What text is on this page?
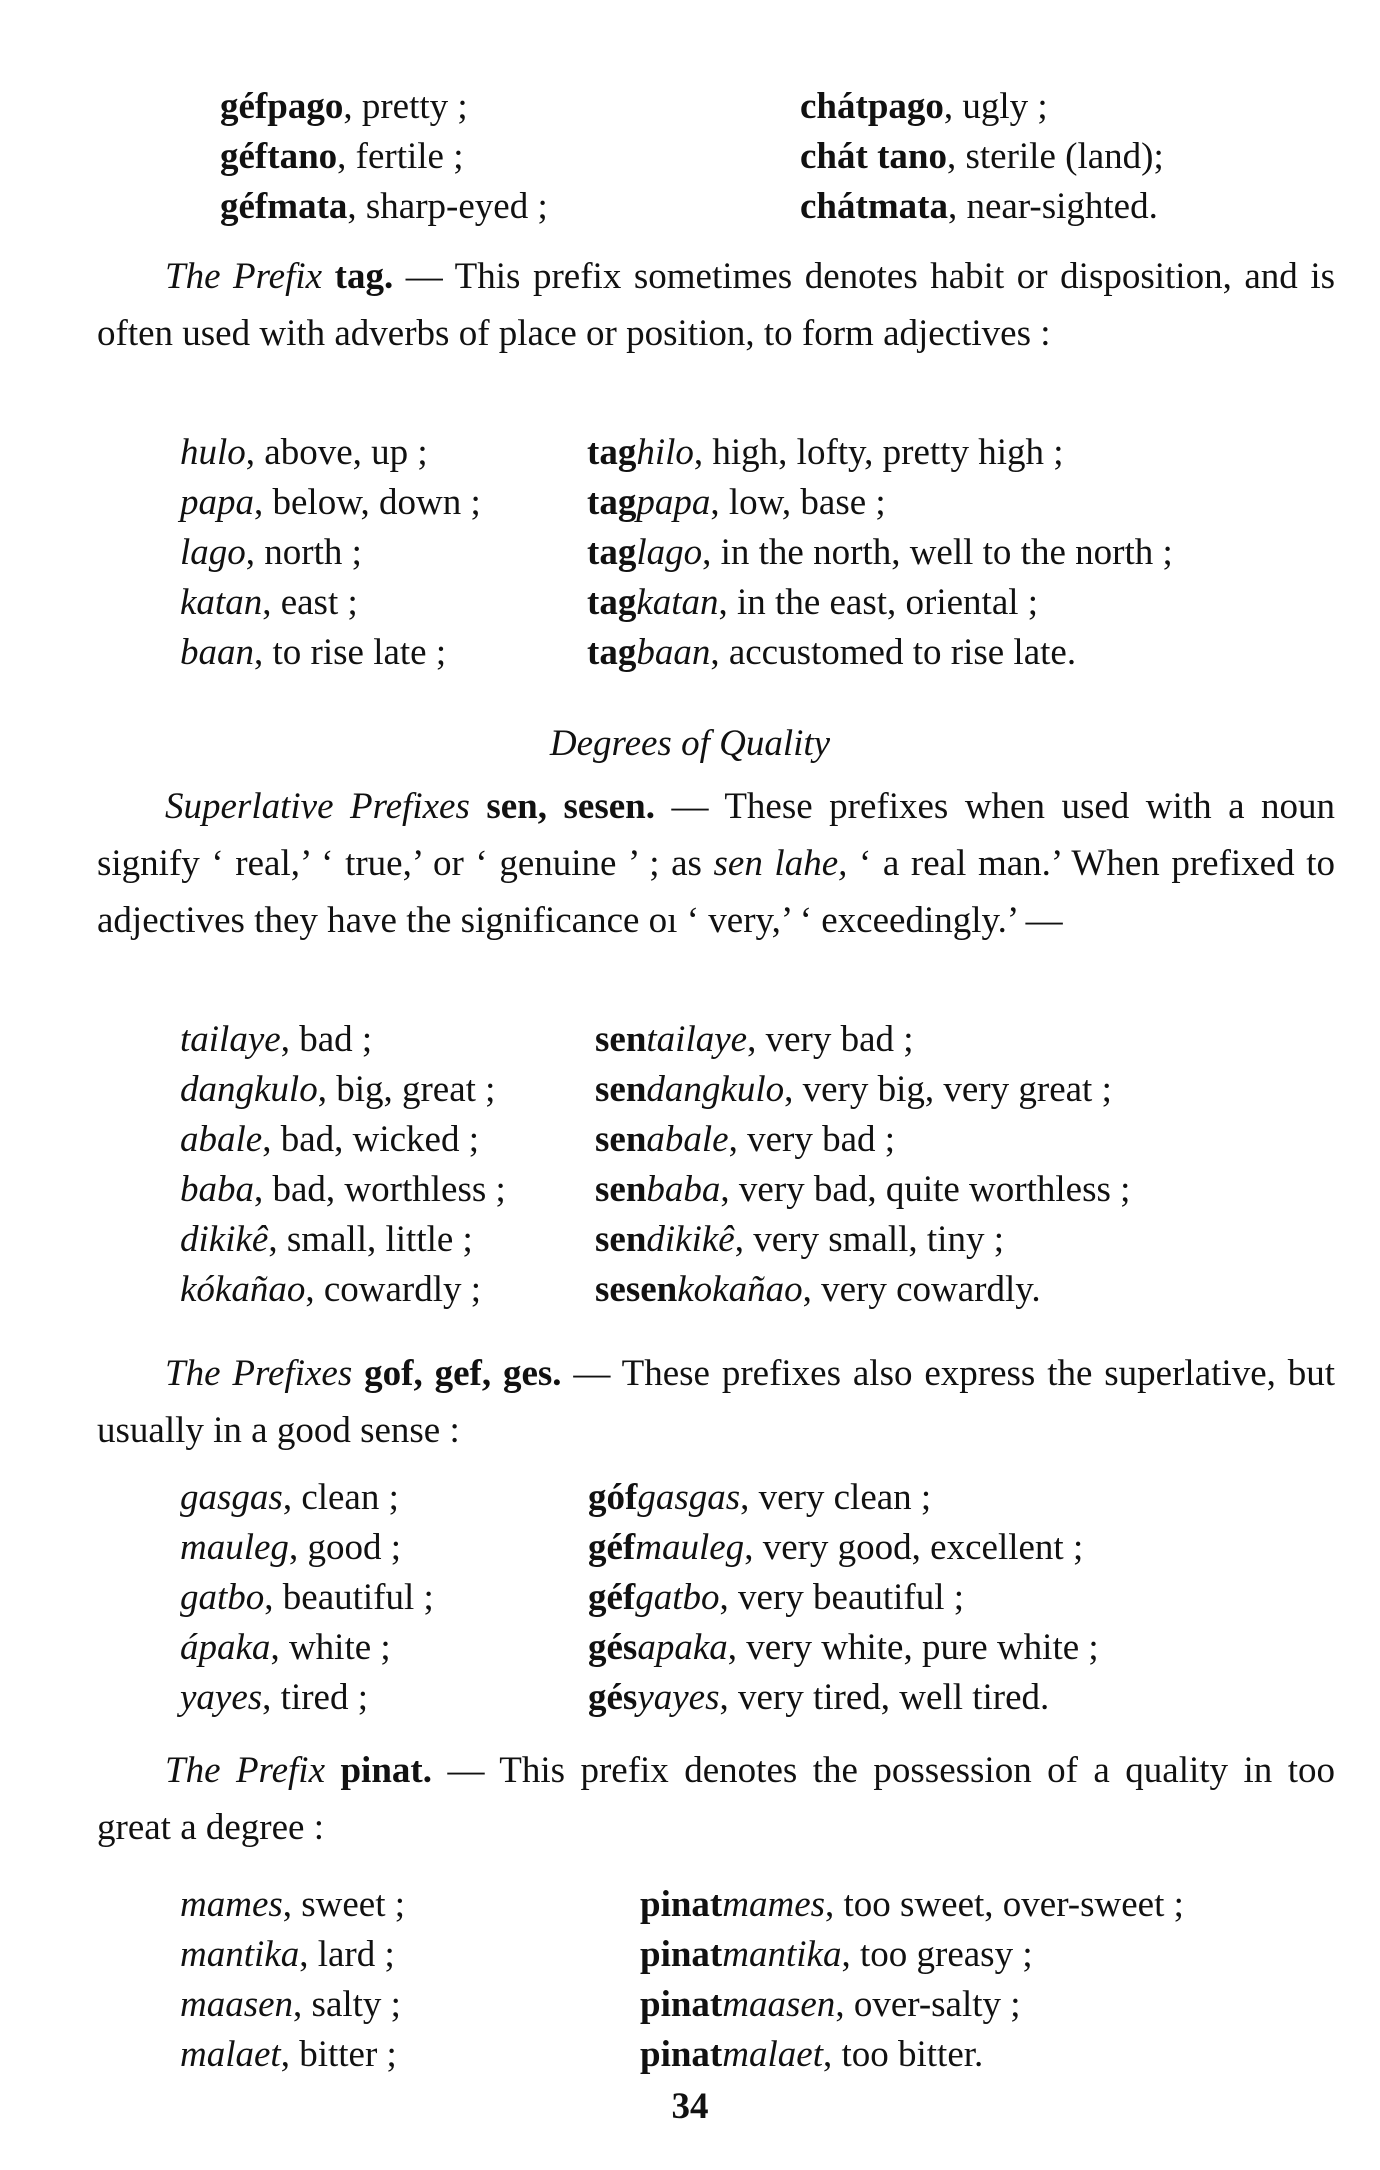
géfpago, pretty ;	chátpago, ugly ;
géftano, fertile ;	chát tano, sterile (land);
géfmata, sharp-eyed ;	chátmata, near-sighted.
The Prefix tag. — This prefix sometimes denotes habit or disposition, and is often used with adverbs of place or position, to form adjectives :
hulo, above, up ;	taghilo, high, lofty, pretty high ;
papa, below, down ;	tagpapa, low, base ;
lago, north ;	taglago, in the north, well to the north ;
katan, east ;	tagkatan, in the east, oriental ;
baan, to rise late ;	tagbaan, accustomed to rise late.
Degrees of Quality
Superlative Prefixes sen, sesen. — These prefixes when used with a noun signify ‘ real,’ ‘ true,’ or ‘ genuine ’ ; as sen lahe, ‘ a real man.’ When prefixed to adjectives they have the significance oı ‘ very,’ ‘ exceedingly.’ —
tailaye, bad ;	sentailaye, very bad ;
dangkulo, big, great ;	sendangkulo, very big, very great ;
abale, bad, wicked ;	senabale, very bad ;
baba, bad, worthless ; senbaba, very bad, quite worthless ;
dikikê, small, little ;	sendikikê, very small, tiny ;
kókañao, cowardly ;	sesenkokañao, very cowardly.
The Prefixes gof, gef, ges. — These prefixes also express the superlative, but usually in a good sense :
gasgas, clean ;	gófgasgas, very clean ;
mauleg, good ;	géfmauleg, very good, excellent ;
gatbo, beautiful ;	géfgatbo, very beautiful ;
ápaka, white ;	gésapaka, very white, pure white ;
yayes, tired ;	gésyayes, very tired, well tired.
The Prefix pinat. — This prefix denotes the possession of a quality in too great a degree :
mames, sweet ;	pinatmames, too sweet, over-sweet ;
mantika, lard ;	pinatmantika, too greasy ;
maasen, salty ;	pinatmaasen, over-salty ;
malaet, bitter ;	pinatmalaet, too bitter.
34
